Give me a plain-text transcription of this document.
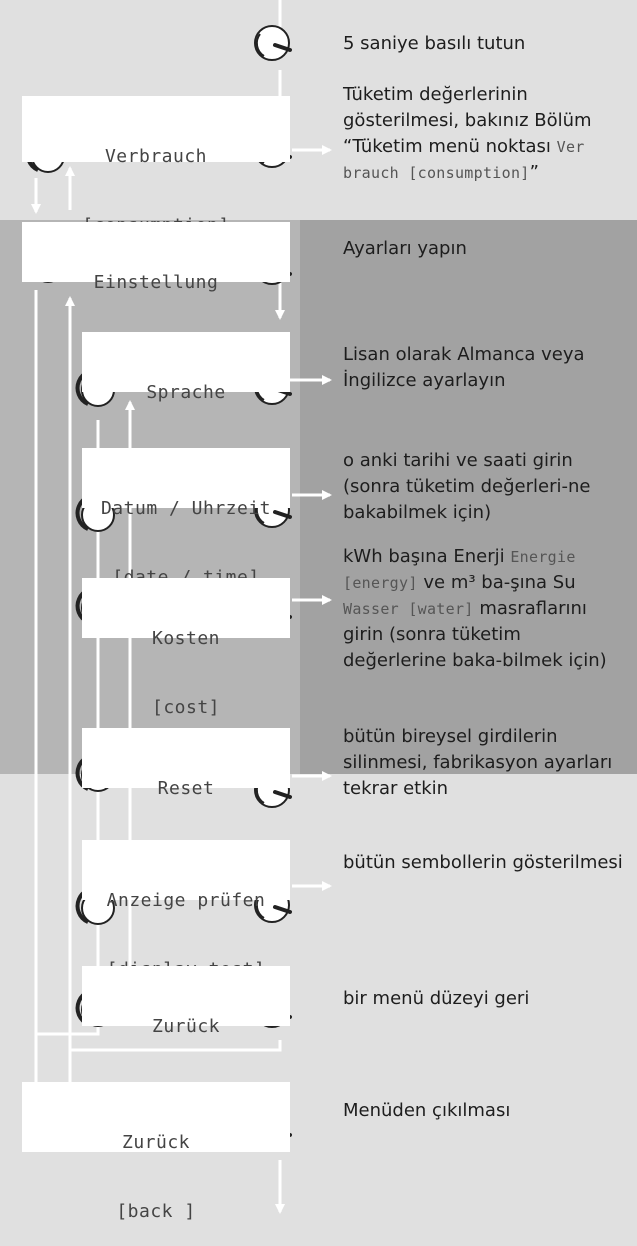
Verbrauch

Einstellung

Sprache

Datum / Uhrzeit

Kosten

[cost]

Reset

Anzeige prüfen

Zurück

Zurück

[back ]

5 saniye basılı tutun
Tüketim değerlerinin gösterilmesi, bakınız Bölüm “Tüketim menü noktası Ver brauch [consumption]”
Ayarları yapın
Lisan olarak Almanca veya İngilizce ayarlayın
o anki tarihi ve saati girin (sonra tüketim değerleri-ne bakabilmek için)
kWh başına Enerji Energie [energy] ve m³ ba-şına Su Wasser [water] masraflarını girin (sonra tüketim değerlerine baka-bilmek için)
bütün bireysel girdilerin silinmesi, fabrikasyon ayarları tekrar etkin
bütün sembollerin gösterilmesi
bir menü düzeyi geri
Menüden çıkılması
